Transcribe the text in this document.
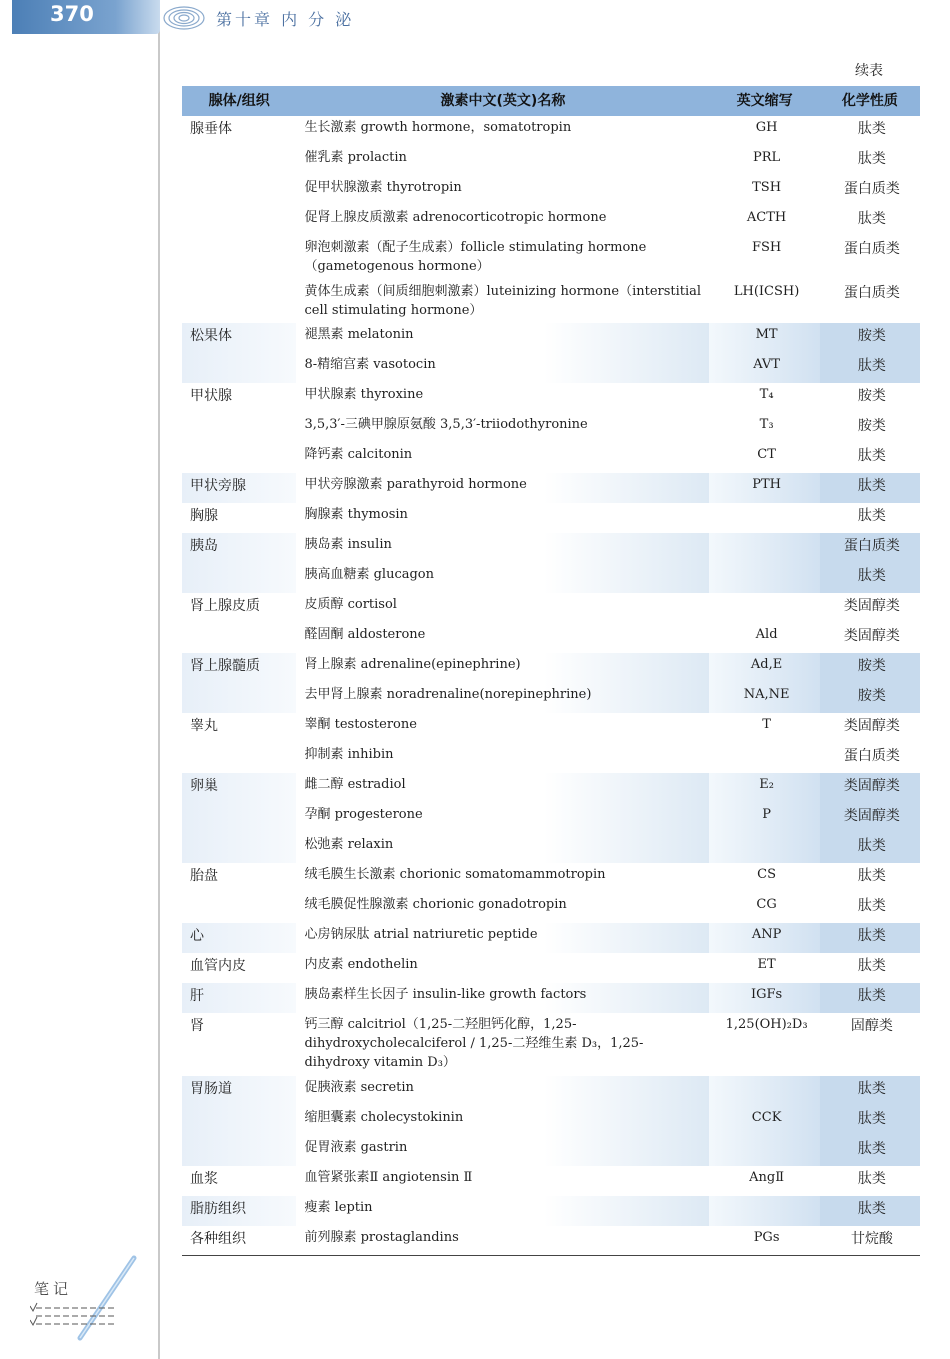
370	第十章 内 分 泌
续表
腺体/组织	激素中文(英文)名称	英文缩写	化学性质
腺垂体	生长激素 growth hormone，somatotropin	GH	肽类
	催乳素 prolactin	PRL	肽类
	促甲状腺激素 thyrotropin	TSH	蛋白质类
	促肾上腺皮质激素 adrenocorticotropic hormone	ACTH	肽类
	卵泡刺激素（配子生成素）follicle stimulating hormone（gametogenous hormone）	FSH	蛋白质类
	黄体生成素（间质细胞刺激素）luteinizing hormone（interstitial cell stimulating hormone）	LH(ICSH)	蛋白质类
松果体	褪黑素 melatonin	MT	胺类
	8-精缩宫素 vasotocin	AVT	肽类
甲状腺	甲状腺素 thyroxine	T₄	胺类
	3,5,3′-三碘甲腺原氨酸 3,5,3′-triiodothyronine	T₃	胺类
	降钙素 calcitonin	CT	肽类
甲状旁腺	甲状旁腺激素 parathyroid hormone	PTH	肽类
胸腺	胸腺素 thymosin		肽类
胰岛	胰岛素 insulin		蛋白质类
	胰高血糖素 glucagon		肽类
肾上腺皮质	皮质醇 cortisol		类固醇类
	醛固酮 aldosterone	Ald	类固醇类
肾上腺髓质	肾上腺素 adrenaline(epinephrine)	Ad,E	胺类
	去甲肾上腺素 noradrenaline(norepinephrine)	NA,NE	胺类
睾丸	睾酮 testosterone	T	类固醇类
	抑制素 inhibin		蛋白质类
卵巢	雌二醇 estradiol	E₂	类固醇类
	孕酮 progesterone	P	类固醇类
	松弛素 relaxin		肽类
胎盘	绒毛膜生长激素 chorionic somatomammotropin	CS	肽类
	绒毛膜促性腺激素 chorionic gonadotropin	CG	肽类
心	心房钠尿肽 atrial natriuretic peptide	ANP	肽类
血管内皮	内皮素 endothelin	ET	肽类
肝	胰岛素样生长因子 insulin-like growth factors	IGFs	肽类
肾	钙三醇 calcitriol（1,25-二羟胆钙化醇，1,25-dihydroxycholecalciferol / 1,25-二羟维生素 D₃，1,25-dihydroxy vitamin D₃）	1,25(OH)₂D₃	固醇类
胃肠道	促胰液素 secretin		肽类
	缩胆囊素 cholecystokinin	CCK	肽类
	促胃液素 gastrin		肽类
血浆	血管紧张素Ⅱ angiotensin Ⅱ	AngⅡ	肽类
脂肪组织	瘦素 leptin		肽类
各种组织	前列腺素 prostaglandins	PGs	廿烷酸
笔记
